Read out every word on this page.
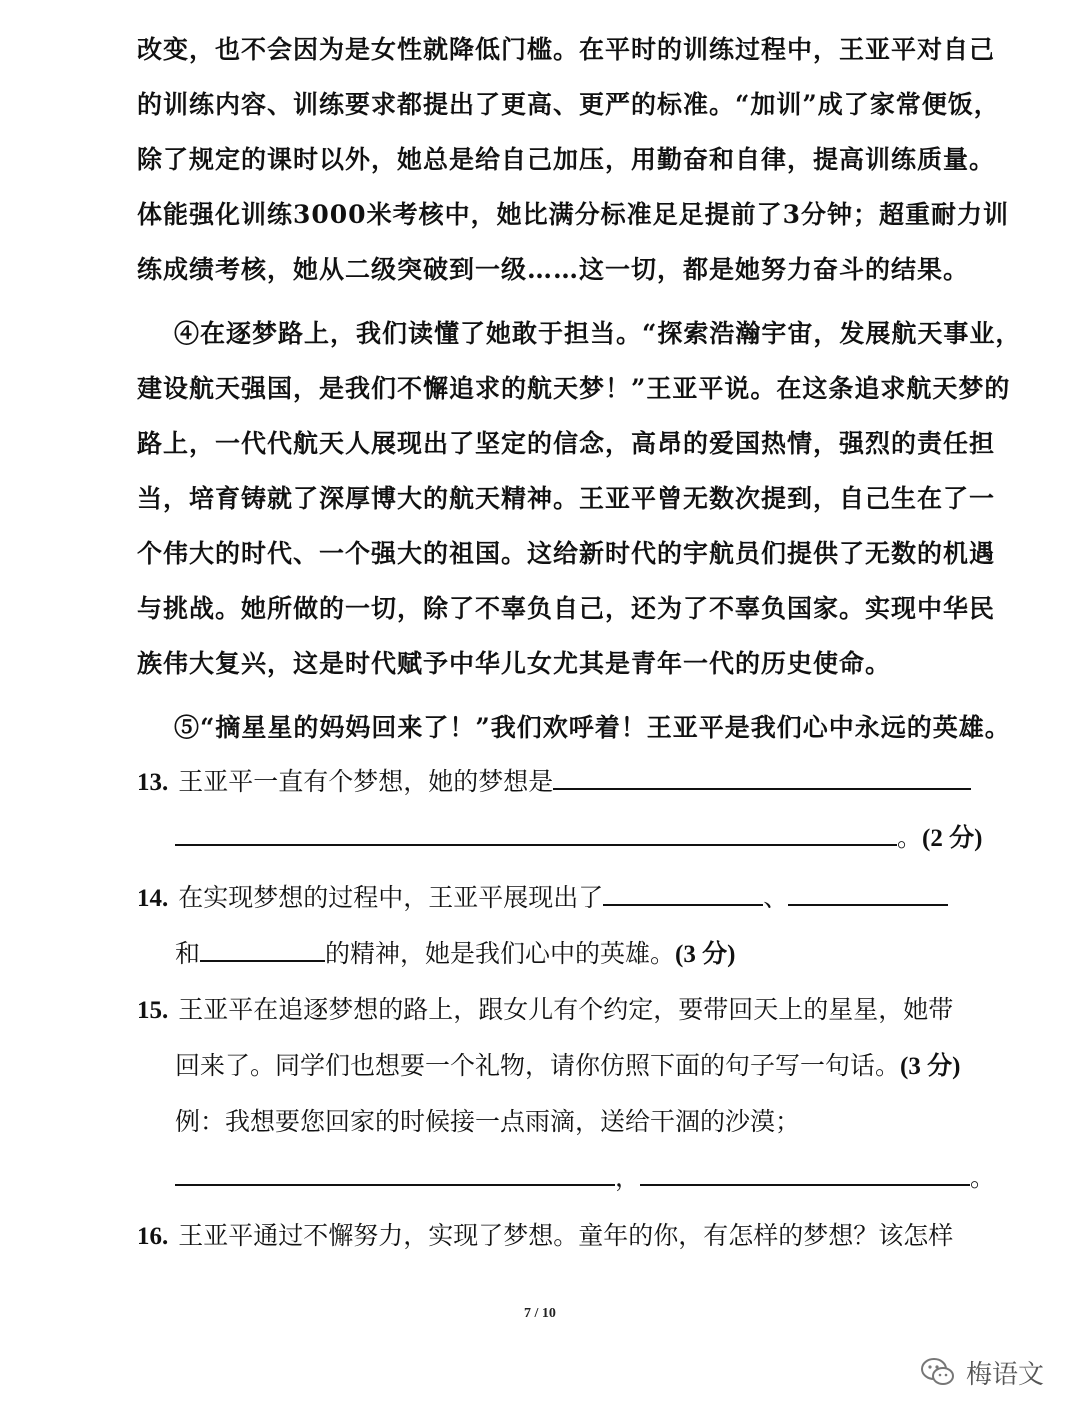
改变，也不会因为是女性就降低门槛。在平时的训练过程中，王亚平对自己
的训练内容、训练要求都提出了更高、更严的标准。“加训”成了家常便饭，
除了规定的课时以外，她总是给自己加压，用勤奋和自律，提高训练质量。
体能强化训练3000米考核中，她比满分标准足足提前了3分钟；超重耐力训
练成绩考核，她从二级突破到一级……这一切，都是她努力奋斗的结果。
④在逐梦路上，我们读懂了她敢于担当。“探索浩瀚宇宙，发展航天事业，
建设航天强国，是我们不懈追求的航天梦！”王亚平说。在这条追求航天梦的
路上，一代代航天人展现出了坚定的信念，高昂的爱国热情，强烈的责任担
当，培育铸就了深厚博大的航天精神。王亚平曾无数次提到，自己生在了一
个伟大的时代、一个强大的祖国。这给新时代的宇航员们提供了无数的机遇
与挑战。她所做的一切，除了不辜负自己，还为了不辜负国家。实现中华民
族伟大复兴，这是时代赋予中华儿女尤其是青年一代的历史使命。
⑤“摘星星的妈妈回来了！”我们欢呼着！王亚平是我们心中永远的英雄。
13. 王亚平一直有个梦想，她的梦想是
。(2 分)
14. 在实现梦想的过程中，王亚平展现出了	、
和	的精神，她是我们心中的英雄。(3 分)
15. 王亚平在追逐梦想的路上，跟女儿有个约定，要带回天上的星星，她带
回来了。同学们也想要一个礼物，请你仿照下面的句子写一句话。(3 分)
例：我想要您回家的时候接一点雨滴，送给干涸的沙漠；
，	。
16. 王亚平通过不懈努力，实现了梦想。童年的你，有怎样的梦想？该怎样
7 / 10
梅语文
